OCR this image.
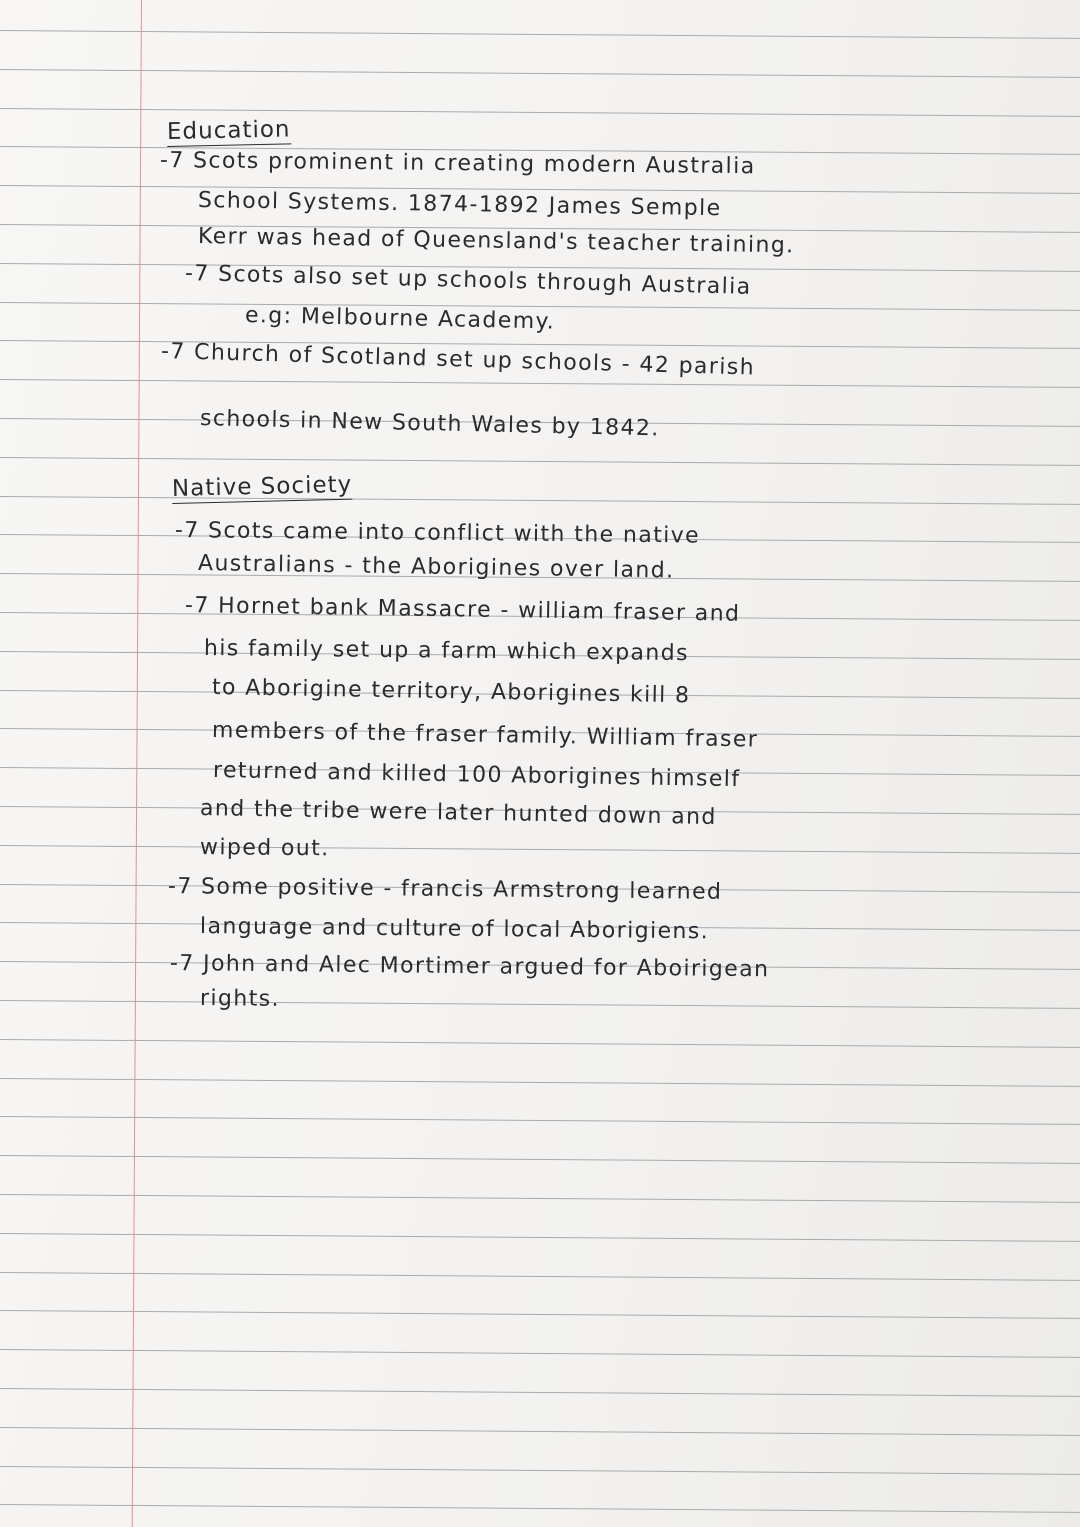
Education
-7 Scots prominent in creating modern Australia
School Systems. 1874-1892 James Semple
Kerr was head of Queensland's teacher training.
-7 Scots also set up schools through Australia
e.g: Melbourne Academy.
-7 Church of Scotland set up schools - 42 parish
schools in New South Wales by 1842.
Native Society
-7 Scots came into conflict with the native
Australians - the Aborigines over land.
-7 Hornet bank Massacre - william fraser and
his family set up a farm which expands
to Aborigine territory, Aborigines kill 8
members of the fraser family. William fraser
returned and killed 100 Aborigines himself
and the tribe were later hunted down and
wiped out.
-7 Some positive - francis Armstrong learned
language and culture of local Aborigiens.
-7 John and Alec Mortimer argued for Aboirigean
rights.
